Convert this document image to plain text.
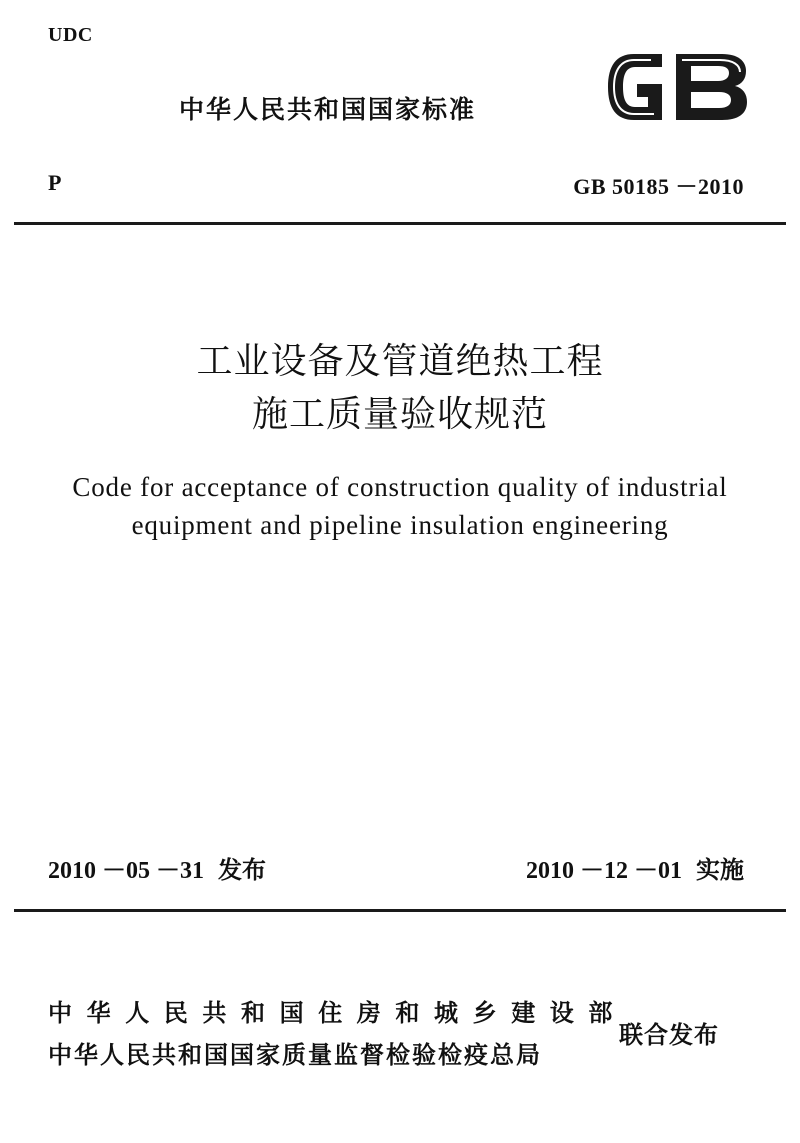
UDC
中华人民共和国国家标准
P	GB 50185 －2010
工业设备及管道绝热工程
施工质量验收规范
Code for acceptance of construction quality of industrial
equipment and pipeline insulation engineering
2010 －05 －31 发布	2010 －12 －01 实施
中华人民共和国住房和城乡建设部
中华人民共和国国家质量监督检验检疫总局
联合发布
